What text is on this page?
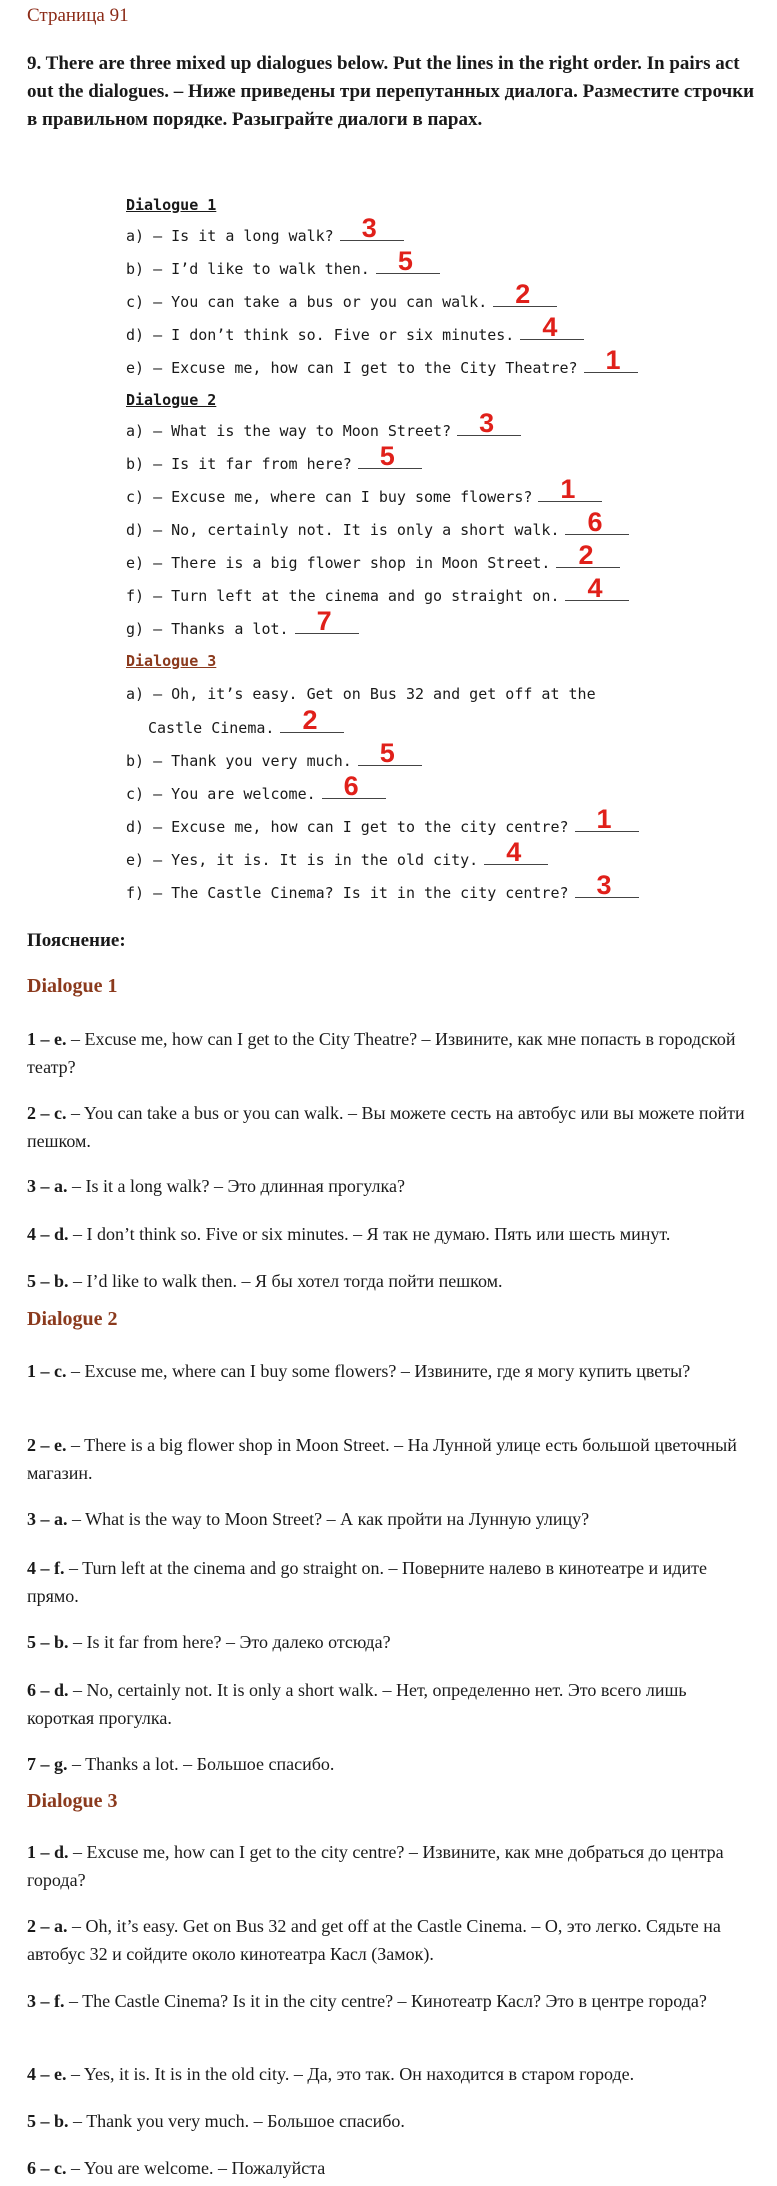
Страница 91

9. There are three mixed up dialogues below. Put the lines in the right order. In pairs act out the dialogues. – Ниже приведены три перепутанных диалога. Разместите строчки в правильном порядке. Разыграйте диалоги в парах.

Dialogue 1
a) — Is it a long walk? 3
b) — I’d like to walk then. 5
c) — You can take a bus or you can walk. 2
d) — I don’t think so. Five or six minutes. 4
e) — Excuse me, how can I get to the City Theatre? 1
Dialogue 2
a) — What is the way to Moon Street? 3
b) — Is it far from here? 5
c) — Excuse me, where can I buy some flowers? 1
d) — No, certainly not. It is only a short walk. 6
e) — There is a big flower shop in Moon Street. 2
f) — Turn left at the cinema and go straight on. 4
g) — Thanks a lot. 7
Dialogue 3
a) — Oh, it’s easy. Get on Bus 32 and get off at the
Castle Cinema. 2
b) — Thank you very much. 5
c) — You are welcome. 6
d) — Excuse me, how can I get to the city centre? 1
e) — Yes, it is. It is in the old city. 4
f) — The Castle Cinema? Is it in the city centre? 3
Пояснение:
Dialogue 1

1 – e. – Excuse me, how can I get to the City Theatre? – Извините, как мне попасть в городской театр?

2 – c. – You can take a bus or you can walk. – Вы можете сесть на автобус или вы можете пойти пешком.

3 – a. – Is it a long walk? – Это длинная прогулка?

4 – d. – I don’t think so. Five or six minutes. – Я так не думаю. Пять или шесть минут.

5 – b. – I’d like to walk then. – Я бы хотел тогда пойти пешком.

Dialogue 2

1 – c. – Excuse me, where can I buy some flowers? – Извините, где я могу купить цветы?

2 – e. – There is a big flower shop in Moon Street. – На Лунной улице есть большой цветочный магазин.

3 – a. – What is the way to Moon Street? – А как пройти на Лунную улицу?

4 – f. – Turn left at the cinema and go straight on. – Поверните налево в кинотеатре и идите прямо.

5 – b. – Is it far from here? – Это далеко отсюда?

6 – d. – No, certainly not. It is only a short walk. – Нет, определенно нет. Это всего лишь короткая прогулка.

7 – g. – Thanks a lot. – Большое спасибо.

Dialogue 3

1 – d. – Excuse me, how can I get to the city centre? – Извините, как мне добраться до центра города?

2 – a. – Oh, it’s easy. Get on Bus 32 and get off at the Castle Cinema. – О, это легко. Сядьте на автобус 32 и сойдите около кинотеатра Касл (Замок).

3 – f. – The Castle Cinema? Is it in the city centre? – Кинотеатр Касл? Это в центре города?

4 – e. – Yes, it is. It is in the old city. – Да, это так. Он находится в старом городе.

5 – b. – Thank you very much. – Большое спасибо.

6 – c. – You are welcome. – Пожалуйста
